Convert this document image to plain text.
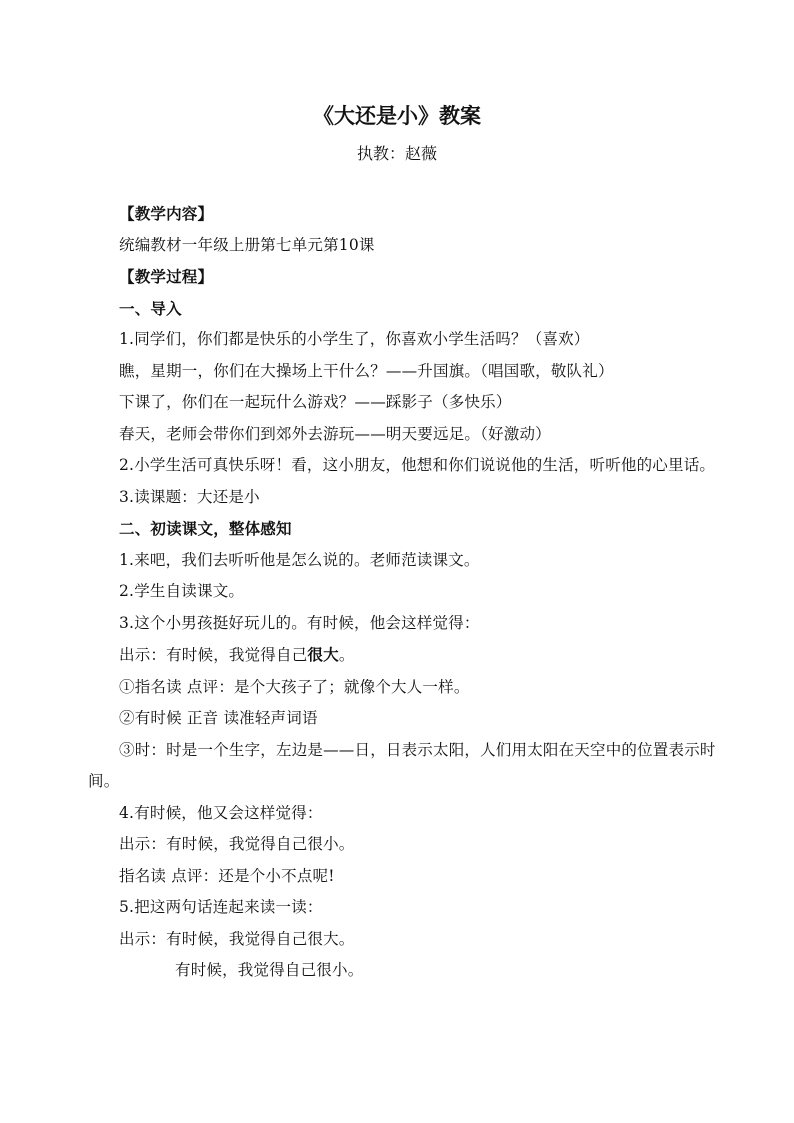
《大还是小》教案
执教：赵薇

【教学内容】

统编教材一年级上册第七单元第10课

【教学过程】

一、导入

1.同学们，你们都是快乐的小学生了，你喜欢小学生活吗？（喜欢）

瞧，星期一，你们在大操场上干什么？——升国旗。（唱国歌，敬队礼）

下课了，你们在一起玩什么游戏？——踩影子（多快乐）

春天，老师会带你们到郊外去游玩——明天要远足。（好激动）

2.小学生活可真快乐呀！看，这小朋友，他想和你们说说他的生活，听听他的心里话。

3.读课题：大还是小

二、初读课文，整体感知

1.来吧，我们去听听他是怎么说的。老师范读课文。

2.学生自读课文。

3.这个小男孩挺好玩儿的。有时候，他会这样觉得：

出示：有时候，我觉得自己很大。

①指名读 点评：是个大孩子了；就像个大人一样。

②有时候 正音 读准轻声词语

③时：时是一个生字，左边是——日，日表示太阳，人们用太阳在天空中的位置表示时间。

4.有时候，他又会这样觉得：

出示：有时候，我觉得自己很小。

指名读 点评：还是个小不点呢!

5.把这两句话连起来读一读：

出示：有时候，我觉得自己很大。

有时候，我觉得自己很小。
